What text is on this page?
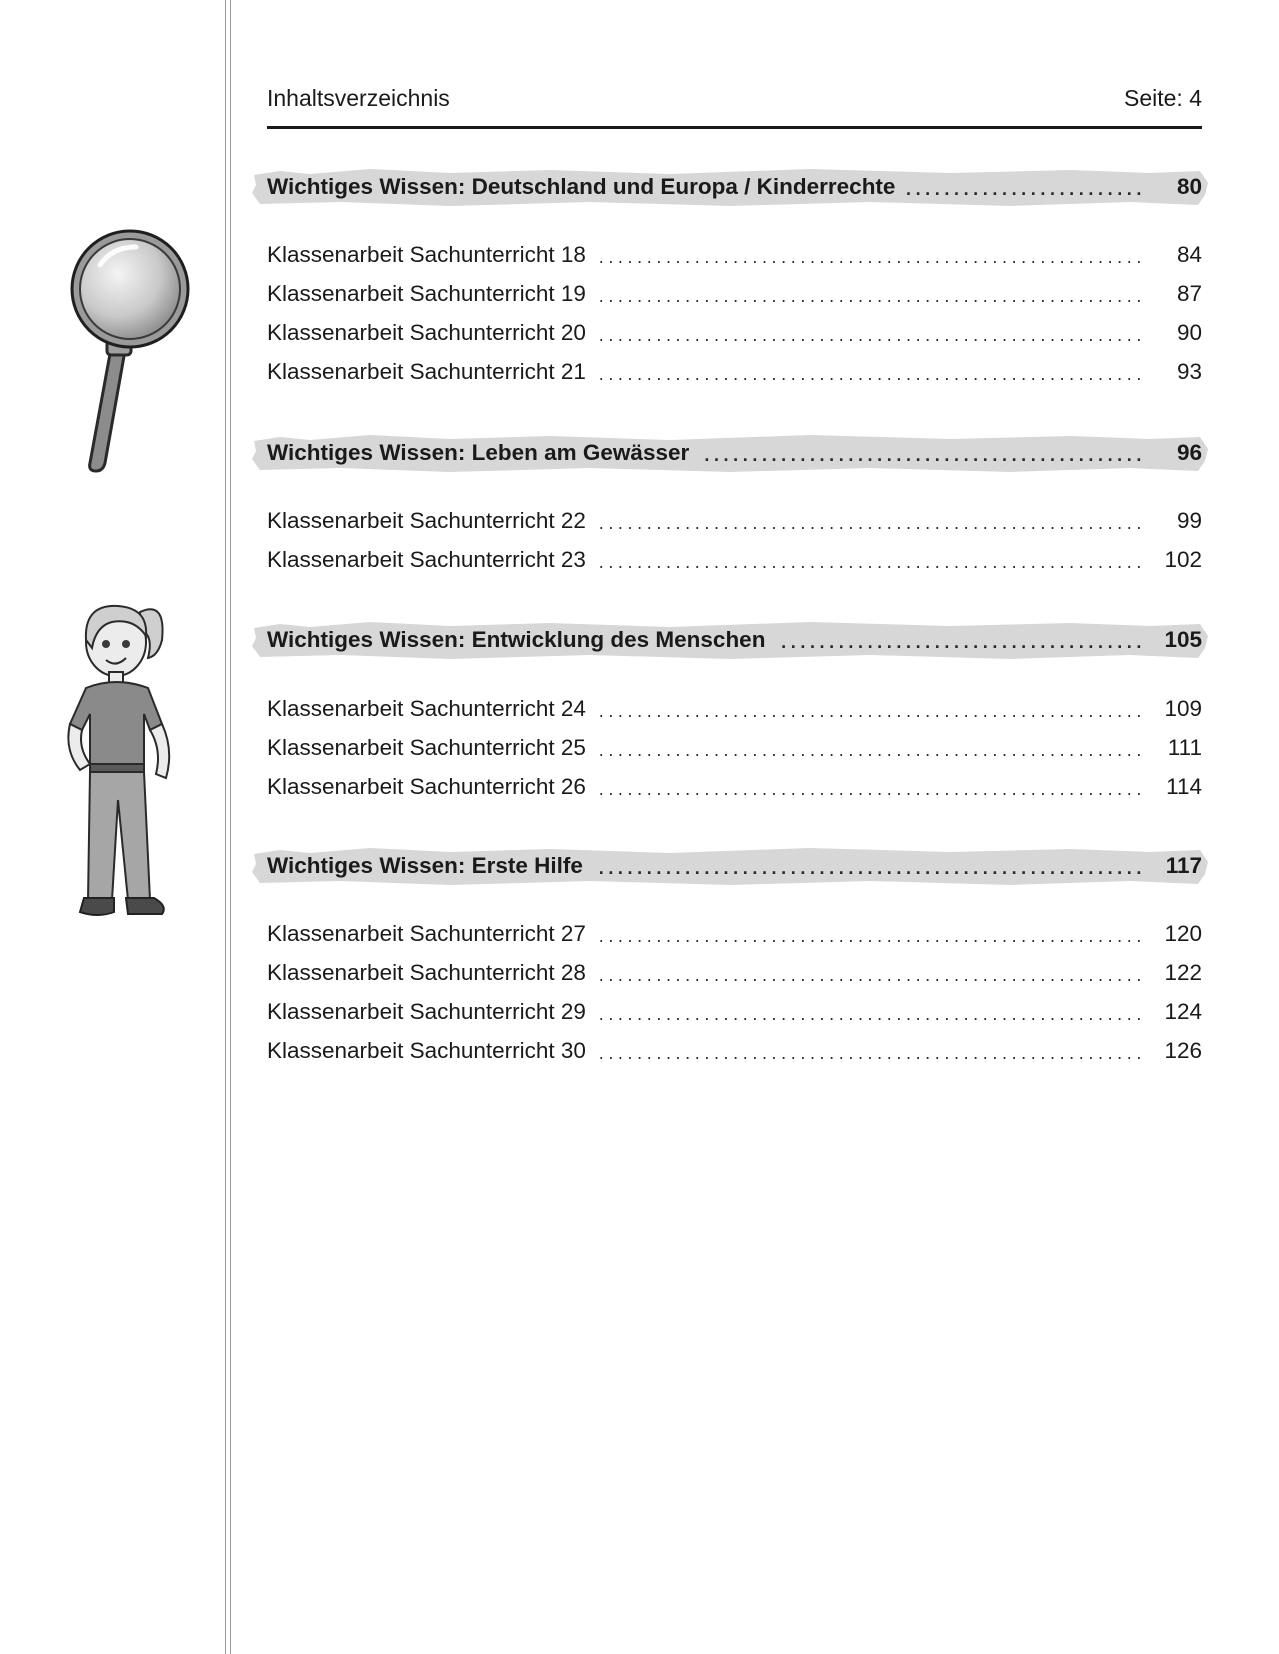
Inhaltsverzeichnis	Seite: 4
Wichtiges Wissen: Deutschland und Europa / Kinderrechte .........................	80
Klassenarbeit Sachunterricht 18 .........................................................	84
Klassenarbeit Sachunterricht 19 .........................................................	87
Klassenarbeit Sachunterricht 20 .........................................................	90
Klassenarbeit Sachunterricht 21 .........................................................	93
Wichtiges Wissen: Leben am Gewässer ..............................................	96
Klassenarbeit Sachunterricht 22 .........................................................	99
Klassenarbeit Sachunterricht 23 ......................................................... 102
Wichtiges Wissen: Entwicklung des Menschen ...................................... 105
Klassenarbeit Sachunterricht 24 ......................................................... 109
Klassenarbeit Sachunterricht 25 ......................................................... 111
Klassenarbeit Sachunterricht 26 ......................................................... 114
Wichtiges Wissen: Erste Hilfe ......................................................... 117
Klassenarbeit Sachunterricht 27 ......................................................... 120
Klassenarbeit Sachunterricht 28 ......................................................... 122
Klassenarbeit Sachunterricht 29 ......................................................... 124
Klassenarbeit Sachunterricht 30 ......................................................... 126
